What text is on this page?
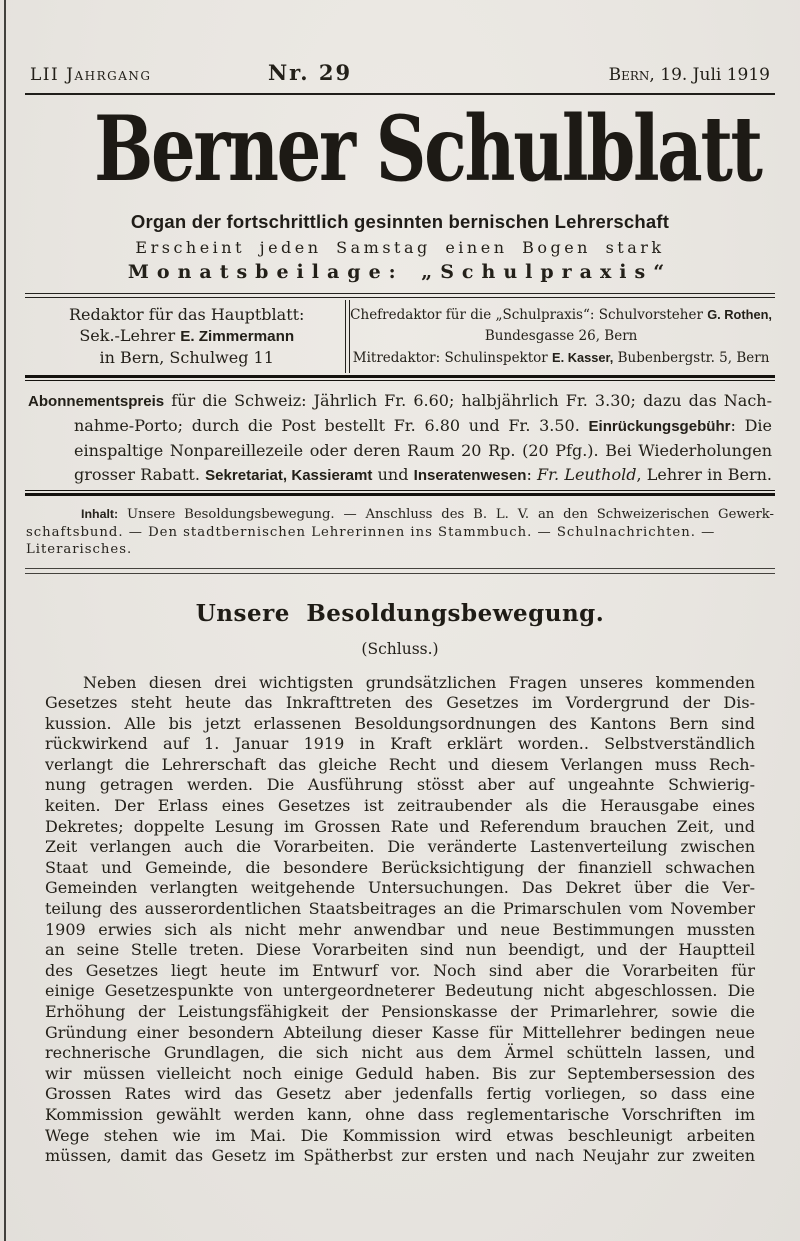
LII Jahrgang	Nr. 29	Bern, 19. Juli 1919
Berner Schulblatt
Organ der fortschrittlich gesinnten bernischen Lehrerschaft
Erscheint jeden Samstag einen Bogen stark
Monatsbeilage: „Schulpraxis“
Redaktor für das Hauptblatt:
Sek.-Lehrer E. Zimmermann
in Bern, Schulweg 11
Chefredaktor für die „Schulpraxis“: Schulvorsteher G. Rothen,
Bundesgasse 26, Bern
Mitredaktor: Schulinspektor E. Kasser, Bubenbergstr. 5, Bern
Abonnementspreis für die Schweiz: Jährlich Fr. 6.60; halbjährlich Fr. 3.30; dazu das Nach-
nahme-Porto; durch die Post bestellt Fr. 6.80 und Fr. 3.50. Einrückungsgebühr: Die
einspaltige Nonpareillezeile oder deren Raum 20 Rp. (20 Pfg.). Bei Wiederholungen
grosser Rabatt. Sekretariat, Kassieramt und Inseratenwesen: Fr. Leuthold, Lehrer in Bern.
Inhalt: Unsere Besoldungsbewegung. — Anschluss des B. L. V. an den Schweizerischen Gewerk-
schaftsbund. — Den stadtbernischen Lehrerinnen ins Stammbuch. — Schulnachrichten. — Literarisches.
Unsere Besoldungsbewegung.
(Schluss.)
Neben diesen drei wichtigsten grundsätzlichen Fragen unseres kommenden
Gesetzes steht heute das Inkrafttreten des Gesetzes im Vordergrund der Dis-
kussion. Alle bis jetzt erlassenen Besoldungsordnungen des Kantons Bern sind
rückwirkend auf 1. Januar 1919 in Kraft erklärt worden.. Selbstverständlich
verlangt die Lehrerschaft das gleiche Recht und diesem Verlangen muss Rech-
nung getragen werden. Die Ausführung stösst aber auf ungeahnte Schwierig-
keiten. Der Erlass eines Gesetzes ist zeitraubender als die Herausgabe eines
Dekretes; doppelte Lesung im Grossen Rate und Referendum brauchen Zeit, und
Zeit verlangen auch die Vorarbeiten. Die veränderte Lastenverteilung zwischen
Staat und Gemeinde, die besondere Berücksichtigung der finanziell schwachen
Gemeinden verlangten weitgehende Untersuchungen. Das Dekret über die Ver-
teilung des ausserordentlichen Staatsbeitrages an die Primarschulen vom November
1909 erwies sich als nicht mehr anwendbar und neue Bestimmungen mussten
an seine Stelle treten. Diese Vorarbeiten sind nun beendigt, und der Hauptteil
des Gesetzes liegt heute im Entwurf vor. Noch sind aber die Vorarbeiten für
einige Gesetzespunkte von untergeordneterer Bedeutung nicht abgeschlossen. Die
Erhöhung der Leistungsfähigkeit der Pensionskasse der Primarlehrer, sowie die
Gründung einer besondern Abteilung dieser Kasse für Mittellehrer bedingen neue
rechnerische Grundlagen, die sich nicht aus dem Ärmel schütteln lassen, und
wir müssen vielleicht noch einige Geduld haben. Bis zur Septembersession des
Grossen Rates wird das Gesetz aber jedenfalls fertig vorliegen, so dass eine
Kommission gewählt werden kann, ohne dass reglementarische Vorschriften im
Wege stehen wie im Mai. Die Kommission wird etwas beschleunigt arbeiten
müssen, damit das Gesetz im Spätherbst zur ersten und nach Neujahr zur zweiten
